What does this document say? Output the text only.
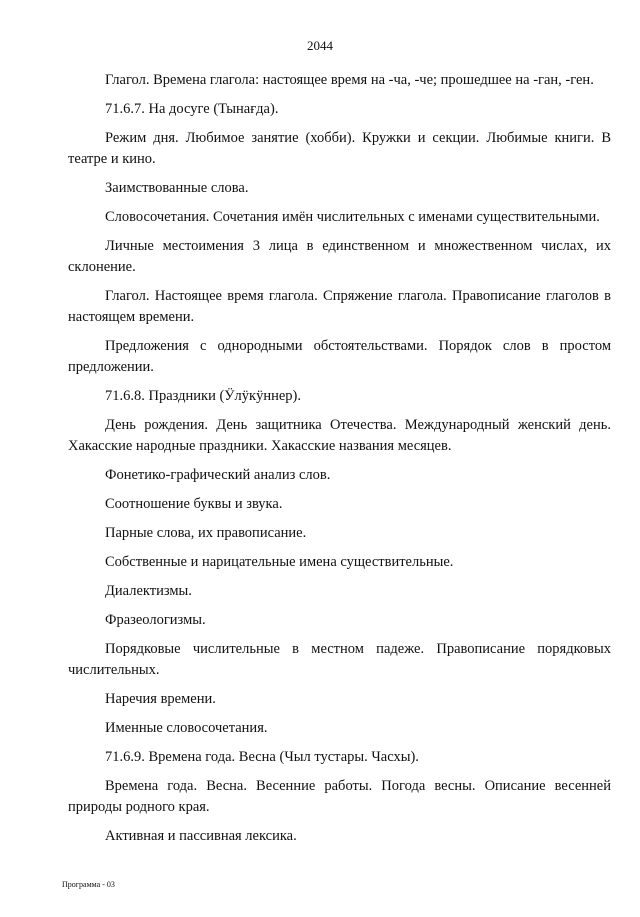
2044

Глагол. Времена глагола: настоящее время на -ча, -че; прошедшее на -ган, -ген.

71.6.7. На досуге (Тынағда).

Режим дня. Любимое занятие (хобби). Кружки и секции. Любимые книги. В театре и кино.

Заимствованные слова.

Словосочетания. Сочетания имён числительных с именами существительными.

Личные местоимения 3 лица в единственном и множественном числах, их склонение.

Глагол. Настоящее время глагола. Спряжение глагола. Правописание глаголов в настоящем времени.

Предложения с однородными обстоятельствами. Порядок слов в простом предложении.

71.6.8. Праздники (Ӱлӱкӱннер).

День рождения. День защитника Отечества. Международный женский день. Хакасские народные праздники. Хакасские названия месяцев.

Фонетико-графический анализ слов.

Соотношение буквы и звука.

Парные слова, их правописание.

Собственные и нарицательные имена существительные.

Диалектизмы.

Фразеологизмы.

Порядковые числительные в местном падеже. Правописание порядковых числительных.

Наречия времени.

Именные словосочетания.

71.6.9. Времена года. Весна (Чыл тустары. Часхы).

Времена года. Весна. Весенние работы. Погода весны. Описание весенней природы родного края.

Активная и пассивная лексика.

Программа - 03
